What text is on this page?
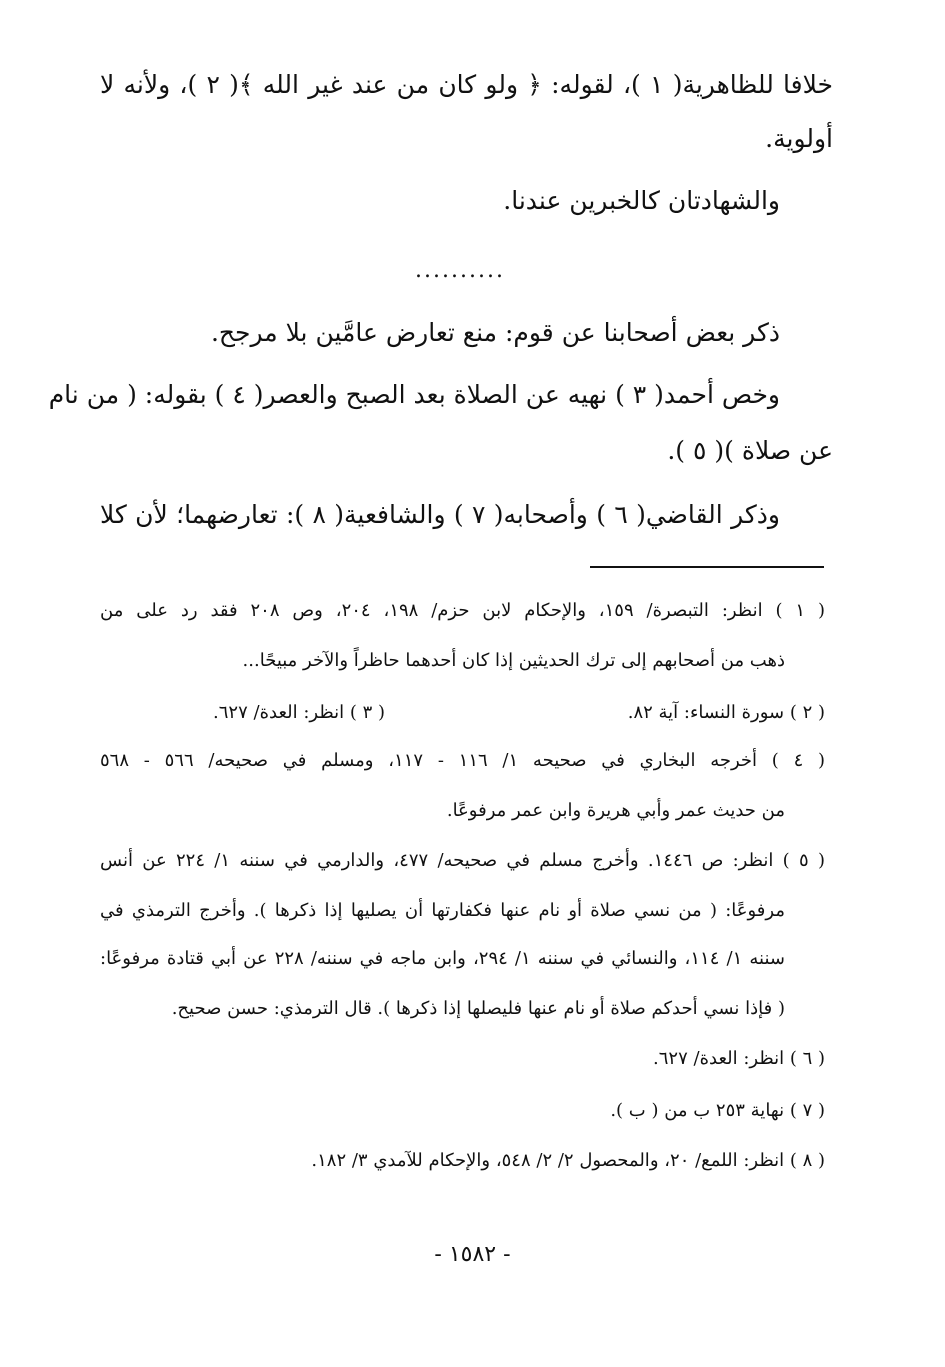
خلافا للظاهرية( ١ )، لقوله: ﴿ ولو كان من عند غير الله ﴾( ٢ )، ولأنه لا
أولوية.
والشهادتان كالخبرين عندنا.
..........
ذكر بعض أصحابنا عن قوم: منع تعارض عامَّين بلا مرجح.
وخص أحمد( ٣ ) نهيه عن الصلاة بعد الصبح والعصر( ٤ ) بقوله: ( من نام
عن صلاة )( ٥ ).
وذكر القاضي( ٦ ) وأصحابه( ٧ ) والشافعية( ٨ ): تعارضهما؛ لأن كلا
( ١ ) انظر: التبصرة/ ١٥٩، والإحكام لابن حزم/ ١٩٨، ٢٠٤، وص ٢٠٨ فقد رد على من
ذهب من أصحابهم إلى ترك الحديثين إذا كان أحدهما حاظراً والآخر مبيحًا...
( ٢ ) سورة النساء: آية ٨٢.
( ٣ ) انظر: العدة/ ٦٢٧.
( ٤ ) أخرجه البخاري في صحيحه ١/ ١١٦ - ١١٧، ومسلم في صحيحه/ ٥٦٦ - ٥٦٨
من حديث عمر وأبي هريرة وابن عمر مرفوعًا.
( ٥ ) انظر: ص ١٤٤٦. وأخرج مسلم في صحيحه/ ٤٧٧، والدارمي في سننه ١/ ٢٢٤ عن أنس
مرفوعًا: ( من نسي صلاة أو نام عنها فكفارتها أن يصليها إذا ذكرها ). وأخرج الترمذي في
سننه ١/ ١١٤، والنسائي في سننه ١/ ٢٩٤، وابن ماجه في سننه/ ٢٢٨ عن أبي قتادة مرفوعًا:
( فإذا نسي أحدكم صلاة أو نام عنها فليصلها إذا ذكرها ). قال الترمذي: حسن صحيح.
( ٦ ) انظر: العدة/ ٦٢٧.
( ٧ ) نهاية ٢٥٣ ب من ( ب ).
( ٨ ) انظر: اللمع/ ٢٠، والمحصول ٢/ ٢/ ٥٤٨، والإحكام للآمدي ٣/ ١٨٢.
- ١٥٨٢ -
